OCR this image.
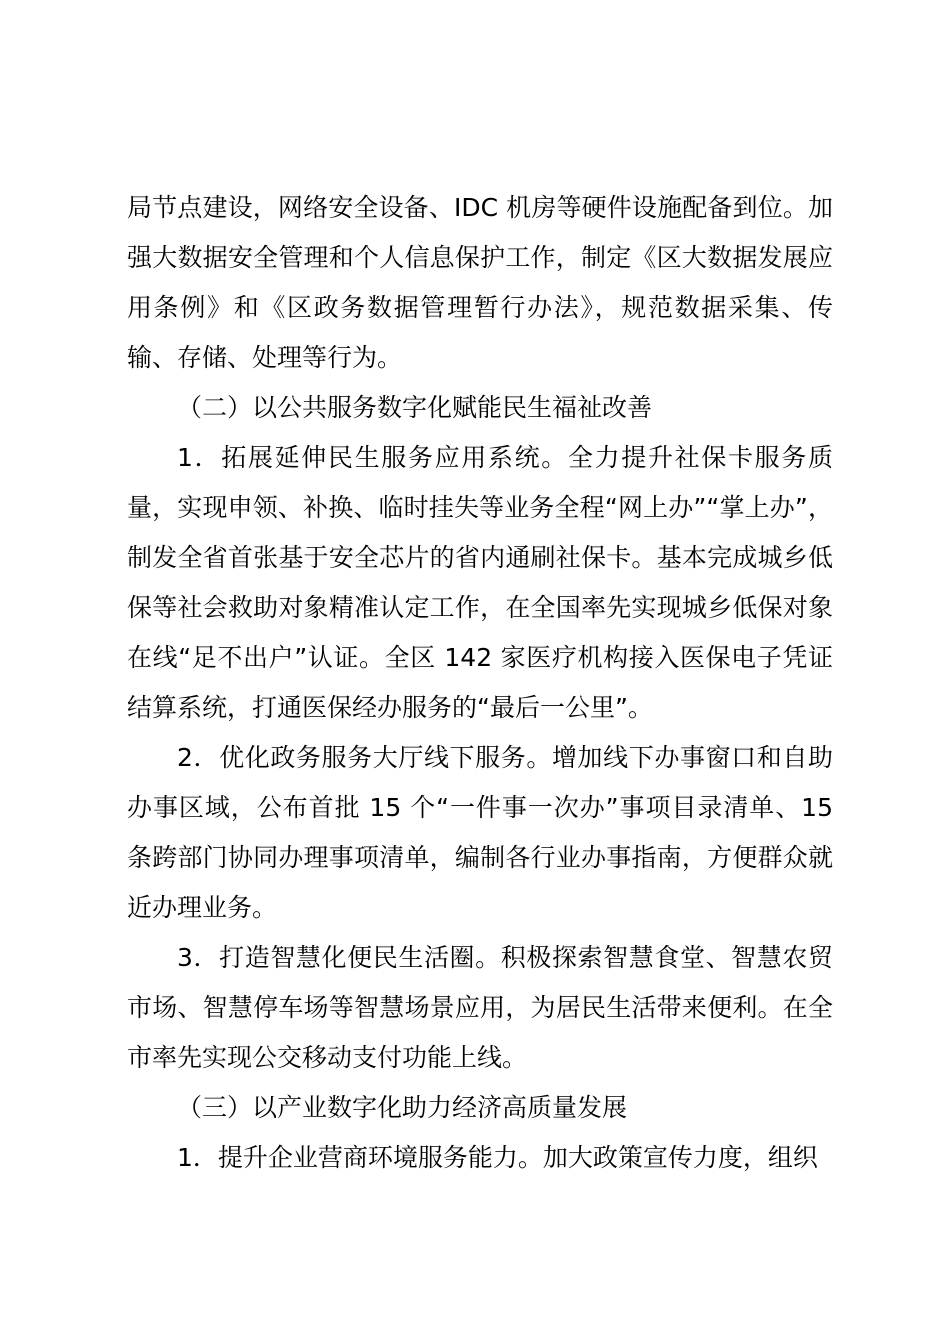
局节点建设，网络安全设备、IDC 机房等硬件设施配备到位。加强大数据安全管理和个人信息保护工作，制定《区大数据发展应用条例》和《区政务数据管理暂行办法》，规范数据采集、传输、存储、处理等行为。

（二）以公共服务数字化赋能民生福祉改善

1．拓展延伸民生服务应用系统。全力提升社保卡服务质量，实现申领、补换、临时挂失等业务全程“网上办”“掌上办”，制发全省首张基于安全芯片的省内通刷社保卡。基本完成城乡低保等社会救助对象精准认定工作，在全国率先实现城乡低保对象在线“足不出户”认证。全区 142 家医疗机构接入医保电子凭证结算系统，打通医保经办服务的“最后一公里”。

2．优化政务服务大厅线下服务。增加线下办事窗口和自助办事区域，公布首批 15 个“一件事一次办”事项目录清单、15 条跨部门协同办理事项清单，编制各行业办事指南，方便群众就近办理业务。

3．打造智慧化便民生活圈。积极探索智慧食堂、智慧农贸市场、智慧停车场等智慧场景应用，为居民生活带来便利。在全市率先实现公交移动支付功能上线。

（三）以产业数字化助力经济高质量发展

1．提升企业营商环境服务能力。加大政策宣传力度，组织
